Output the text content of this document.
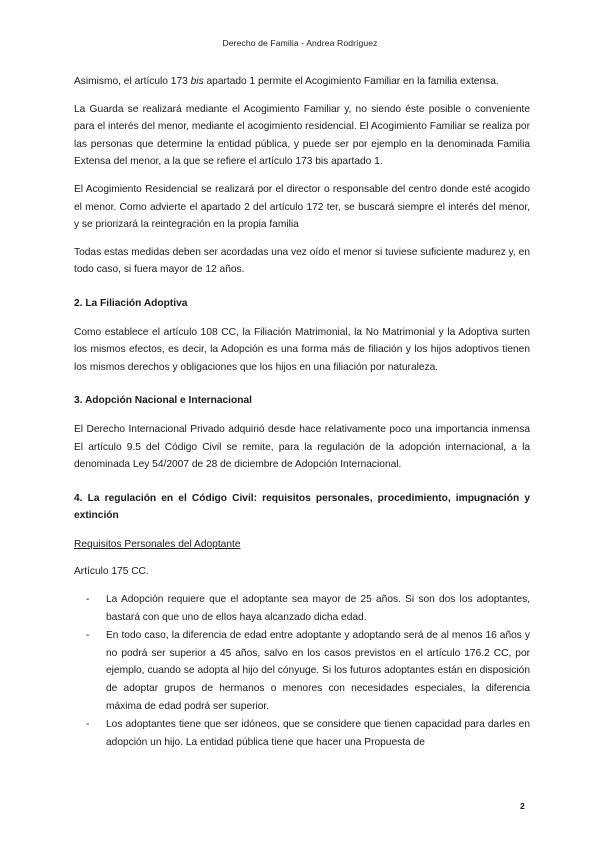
Derecho de Familia - Andrea Rodríguez

Asimismo, el artículo 173 bis apartado 1 permite el Acogimiento Familiar en la familia extensa.

La Guarda se realizará mediante el Acogimiento Familiar y, no siendo éste posible o conveniente para el interés del menor, mediante el acogimiento residencial. El Acogimiento Familiar se realiza por las personas que determine la entidad pública, y puede ser por ejemplo en la denominada Familia Extensa del menor, a la que se refiere el artículo 173 bis apartado 1.

El Acogimiento Residencial se realizará por el director o responsable del centro donde esté acogido el menor. Como advierte el apartado 2 del artículo 172 ter, se buscará siempre el interés del menor, y se priorizará la reintegración en la propia familia

Todas estas medidas deben ser acordadas una vez oído el menor si tuviese suficiente madurez y, en todo caso, si fuera mayor de 12 años.

2. La Filiación Adoptiva

Como establece el artículo 108 CC, la Filiación Matrimonial, la No Matrimonial y la Adoptiva surten los mismos efectos, es decir, la Adopción es una forma más de filiación y los hijos adoptivos tienen los mismos derechos y obligaciones que los hijos en una filiación por naturaleza.

3. Adopción Nacional e Internacional

El Derecho Internacional Privado adquirió desde hace relativamente poco una importancia inmensa El artículo 9.5 del Código Civil se remite, para la regulación de la adopción internacional, a la denominada Ley 54/2007 de 28 de diciembre de Adopción Internacional.

4. La regulación en el Código Civil: requisitos personales, procedimiento, impugnación y extinción
Requisitos Personales del Adoptante
Artículo 175 CC.
- La Adopción requiere que el adoptante sea mayor de 25 años. Si son dos los adoptantes, bastará con que uno de ellos haya alcanzado dicha edad.
- En todo caso, la diferencia de edad entre adoptante y adoptando será de al menos 16 años y no podrá ser superior a 45 años, salvo en los casos previstos en el artículo 176.2 CC, por ejemplo, cuando se adopta al hijo del cónyuge. Si los futuros adoptantes están en disposición de adoptar grupos de hermanos o menores con necesidades especiales, la diferencia máxima de edad podrá ser superior.
- Los adoptantes tiene que ser idóneos, que se considere que tienen capacidad para darles en adopción un hijo. La entidad pública tiene que hacer una Propuesta de
2
